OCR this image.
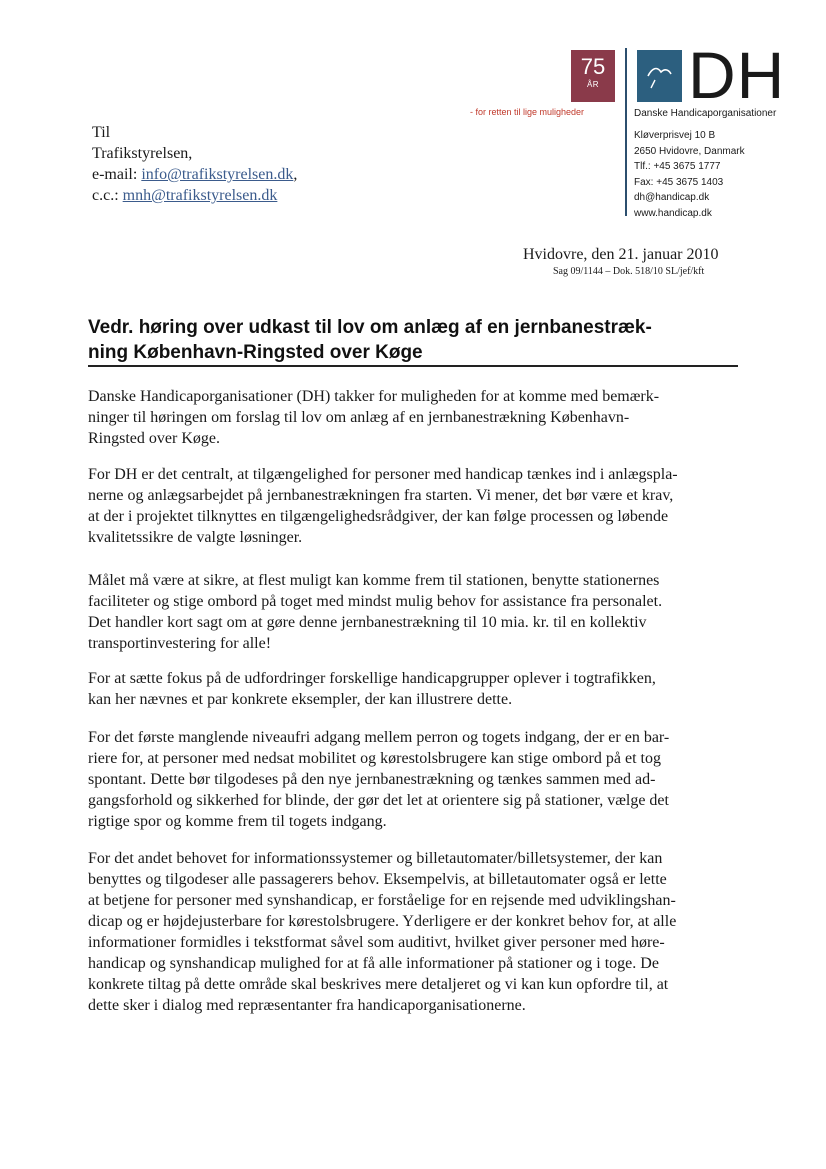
75
ÅR
- for retten til lige muligheder DH
Danske Handicaporganisationer
Kløverprisvej 10 B
2650 Hvidovre, Danmark
Tlf.: +45 3675 1777
Fax: +45 3675 1403
dh@handicap.dk
www.handicap.dk
Til
Trafikstyrelsen,
e-mail: info@trafikstyrelsen.dk,
c.c.: mnh@trafikstyrelsen.dk
Hvidovre, den 21. januar 2010
Sag 09/1144 – Dok. 518/10 SL/jef/kft
Vedr. høring over udkast til lov om anlæg af en jernbanestræk-
ning København-Ringsted over Køge
Danske Handicaporganisationer (DH) takker for muligheden for at komme med bemærk-
ninger til høringen om forslag til lov om anlæg af en jernbanestrækning København-
Ringsted over Køge.
For DH er det centralt, at tilgængelighed for personer med handicap tænkes ind i anlægspla-
nerne og anlægsarbejdet på jernbanestrækningen fra starten. Vi mener, det bør være et krav,
at der i projektet tilknyttes en tilgængelighedsrådgiver, der kan følge processen og løbende
kvalitetssikre de valgte løsninger.
Målet må være at sikre, at flest muligt kan komme frem til stationen, benytte stationernes
faciliteter og stige ombord på toget med mindst mulig behov for assistance fra personalet.
Det handler kort sagt om at gøre denne jernbanestrækning til 10 mia. kr. til en kollektiv
transportinvestering for alle!
For at sætte fokus på de udfordringer forskellige handicapgrupper oplever i togtrafikken,
kan her nævnes et par konkrete eksempler, der kan illustrere dette.
For det første manglende niveaufri adgang mellem perron og togets indgang, der er en bar-
riere for, at personer med nedsat mobilitet og kørestolsbrugere kan stige ombord på et tog
spontant. Dette bør tilgodeses på den nye jernbanestrækning og tænkes sammen med ad-
gangsforhold og sikkerhed for blinde, der gør det let at orientere sig på stationer, vælge det
rigtige spor og komme frem til togets indgang.
For det andet behovet for informationssystemer og billetautomater/billetsystemer, der kan
benyttes og tilgodeser alle passagerers behov. Eksempelvis, at billetautomater også er lette
at betjene for personer med synshandicap, er forståelige for en rejsende med udviklingshan-
dicap og er højdejusterbare for kørestolsbrugere. Yderligere er der konkret behov for, at alle
informationer formidles i tekstformat såvel som auditivt, hvilket giver personer med høre-
handicap og synshandicap mulighed for at få alle informationer på stationer og i toge. De
konkrete tiltag på dette område skal beskrives mere detaljeret og vi kan kun opfordre til, at
dette sker i dialog med repræsentanter fra handicaporganisationerne.
